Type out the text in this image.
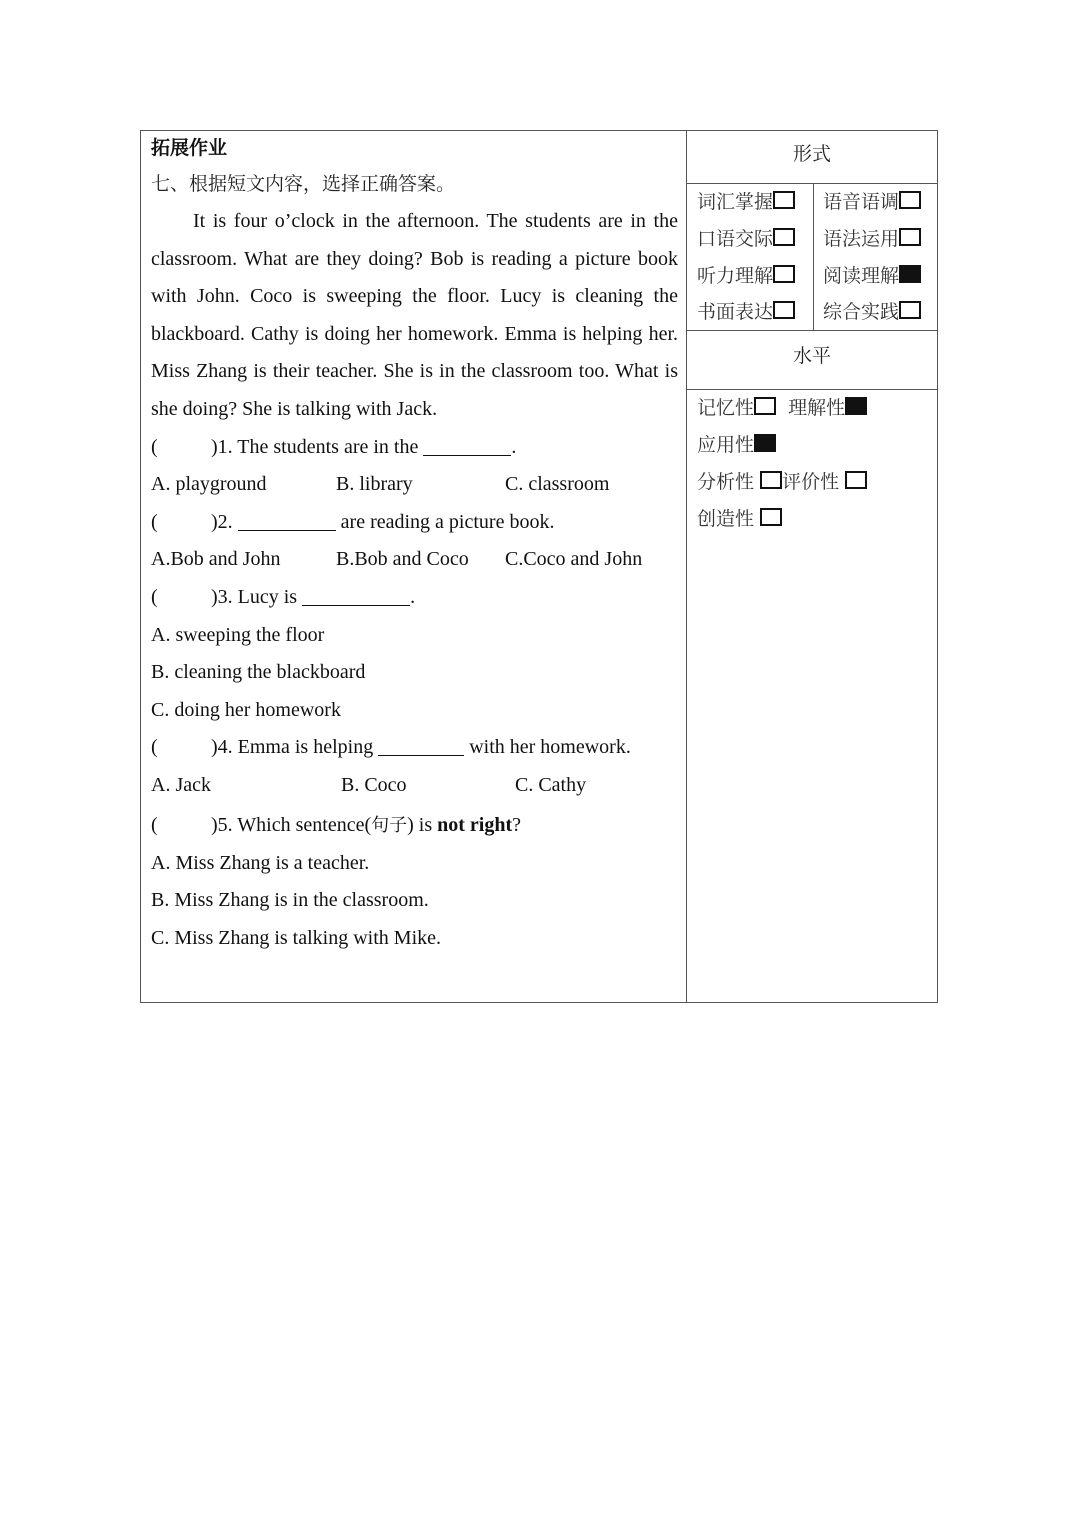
拓展作业
七、根据短文内容，选择正确答案。

It is four o’clock in the afternoon. The students are in the classroom. What are they doing? Bob is reading a picture book with John. Coco is sweeping the floor. Lucy is cleaning the blackboard. Cathy is doing her homework. Emma is helping her. Miss Zhang is their teacher. She is in the classroom too. What is she doing? She is talking with Jack.

(	)1. The students are in the	.
A. playground	B. library	C. classroom
(	)2.	are reading a picture book.
A.Bob and John	B.Bob and Coco C.Coco and John
(	)3. Lucy is	.
A. sweeping the floor
B. cleaning the blackboard
C. doing her homework
(	)4. Emma is helping	with her homework.
A. Jack	B. Coco	C. Cathy
(	)5. Which sentence(句子) is not right?
A. Miss Zhang is a teacher.
B. Miss Zhang is in the classroom.
C. Miss Zhang is talking with Mike.
形式
词汇掌握	语音语调
口语交际	语法运用
听力理解	阅读理解
书面表达	综合实践
水平
记忆性 理解性
应用性
分析性 评价性
创造性
